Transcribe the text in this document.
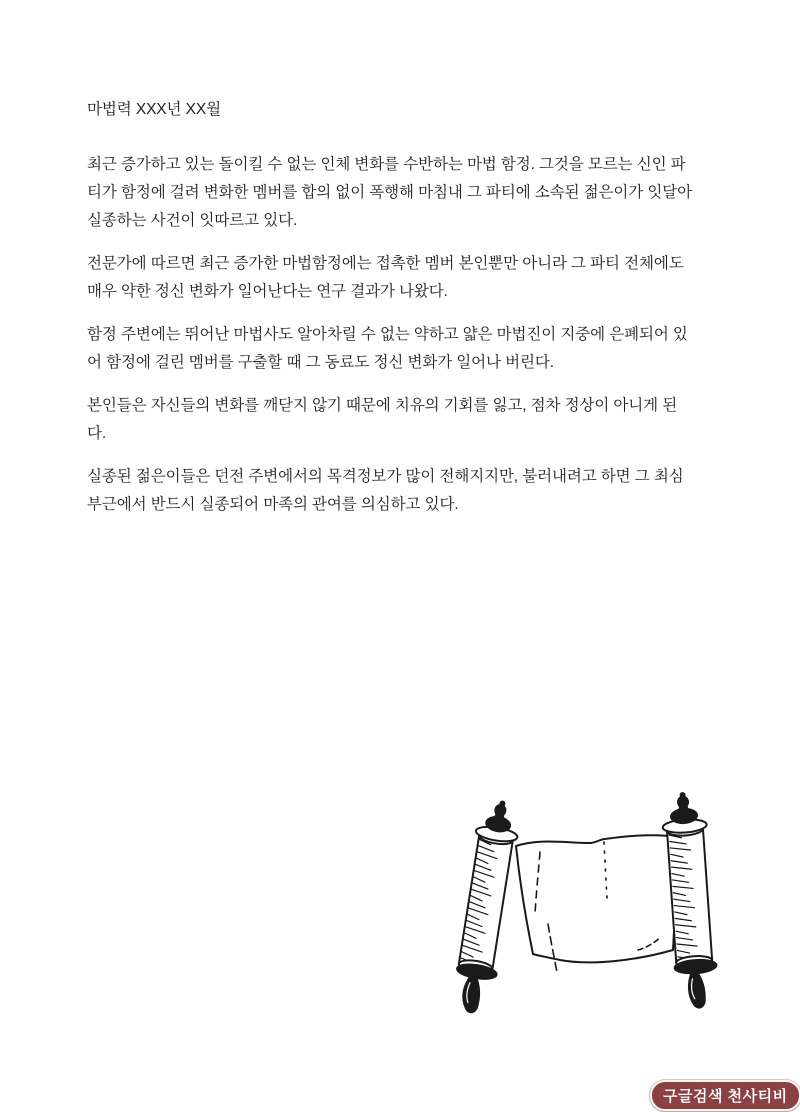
마법력 XXX년 XX월

최근 증가하고 있는 돌이킬 수 없는 인체 변화를 수반하는 마법 함정. 그것을 모르는 신인 파티가 함정에 걸려 변화한 멤버를 합의 없이 폭행해 마침내 그 파티에 소속된 젊은이가 잇달아 실종하는 사건이 잇따르고 있다.

전문가에 따르면 최근 증가한 마법함정에는 접촉한 멤버 본인뿐만 아니라 그 파티 전체에도 매우 약한 정신 변화가 일어난다는 연구 결과가 나왔다.

함정 주변에는 뛰어난 마법사도 알아차릴 수 없는 약하고 얇은 마법진이 지중에 은폐되어 있어 함정에 걸린 멤버를 구출할 때 그 동료도 정신 변화가 일어나 버린다.

본인들은 자신들의 변화를 깨닫지 않기 때문에 치유의 기회를 잃고, 점차 정상이 아니게 된다.

실종된 젊은이들은 던전 주변에서의 목격정보가 많이 전해지지만, 불러내려고 하면 그 최심부근에서 반드시 실종되어 마족의 관여를 의심하고 있다.

구글검색 천사티비
